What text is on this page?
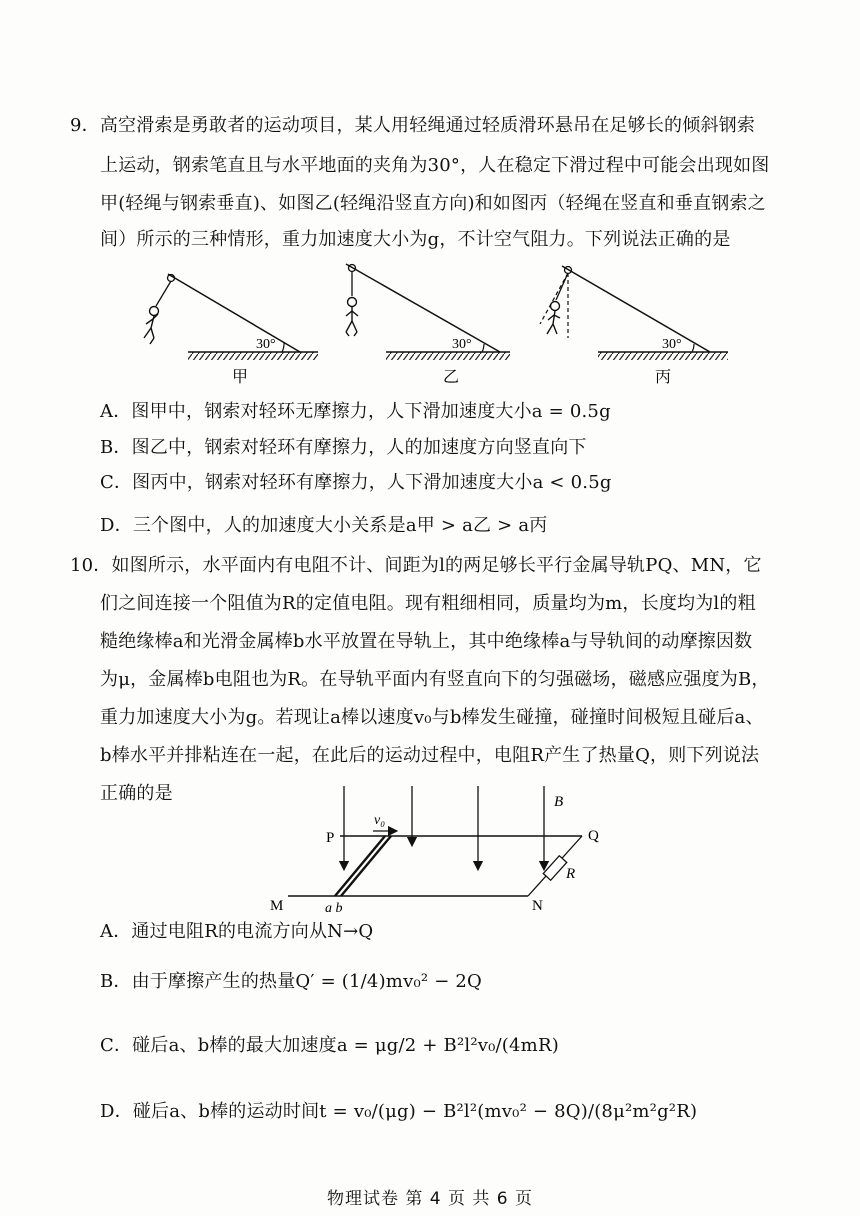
9．高空滑索是勇敢者的运动项目，某人用轻绳通过轻质滑环悬吊在足够长的倾斜钢索
上运动，钢索笔直且与水平地面的夹角为30°，人在稳定下滑过程中可能会出现如图
甲(轻绳与钢索垂直)、如图乙(轻绳沿竖直方向)和如图丙（轻绳在竖直和垂直钢索之
间）所示的三种情形，重力加速度大小为g，不计空气阻力。下列说法正确的是
30°
甲
30°
乙
30°
丙
A．图甲中，钢索对轻环无摩擦力，人下滑加速度大小a = 0.5g
B．图乙中，钢索对轻环有摩擦力，人的加速度方向竖直向下
C．图丙中，钢索对轻环有摩擦力，人下滑加速度大小a < 0.5g
D．三个图中，人的加速度大小关系是a甲 > a乙 > a丙
10．如图所示，水平面内有电阻不计、间距为l的两足够长平行金属导轨PQ、MN，它
们之间连接一个阻值为R的定值电阻。现有粗细相同，质量均为m，长度均为l的粗
糙绝缘棒a和光滑金属棒b水平放置在导轨上，其中绝缘棒a与导轨间的动摩擦因数
为μ，金属棒b电阻也为R。在导轨平面内有竖直向下的匀强磁场，磁感应强度为B，
重力加速度大小为g。若现让a棒以速度v₀与b棒发生碰撞，碰撞时间极短且碰后a、
b棒水平并排粘连在一起，在此后的运动过程中，电阻R产生了热量Q，则下列说法
正确的是
P	Q
M	N
B
R
v₀
a b
A．通过电阻R的电流方向从N→Q
B．由于摩擦产生的热量Q′ = (1/4)mv₀² − 2Q
C．碰后a、b棒的最大加速度a = μg/2 + B²l²v₀/(4mR)
D．碰后a、b棒的运动时间t = v₀/(μg) − B²l²(mv₀² − 8Q)/(8μ²m²g²R)
物理试卷 第 4 页 共 6 页
